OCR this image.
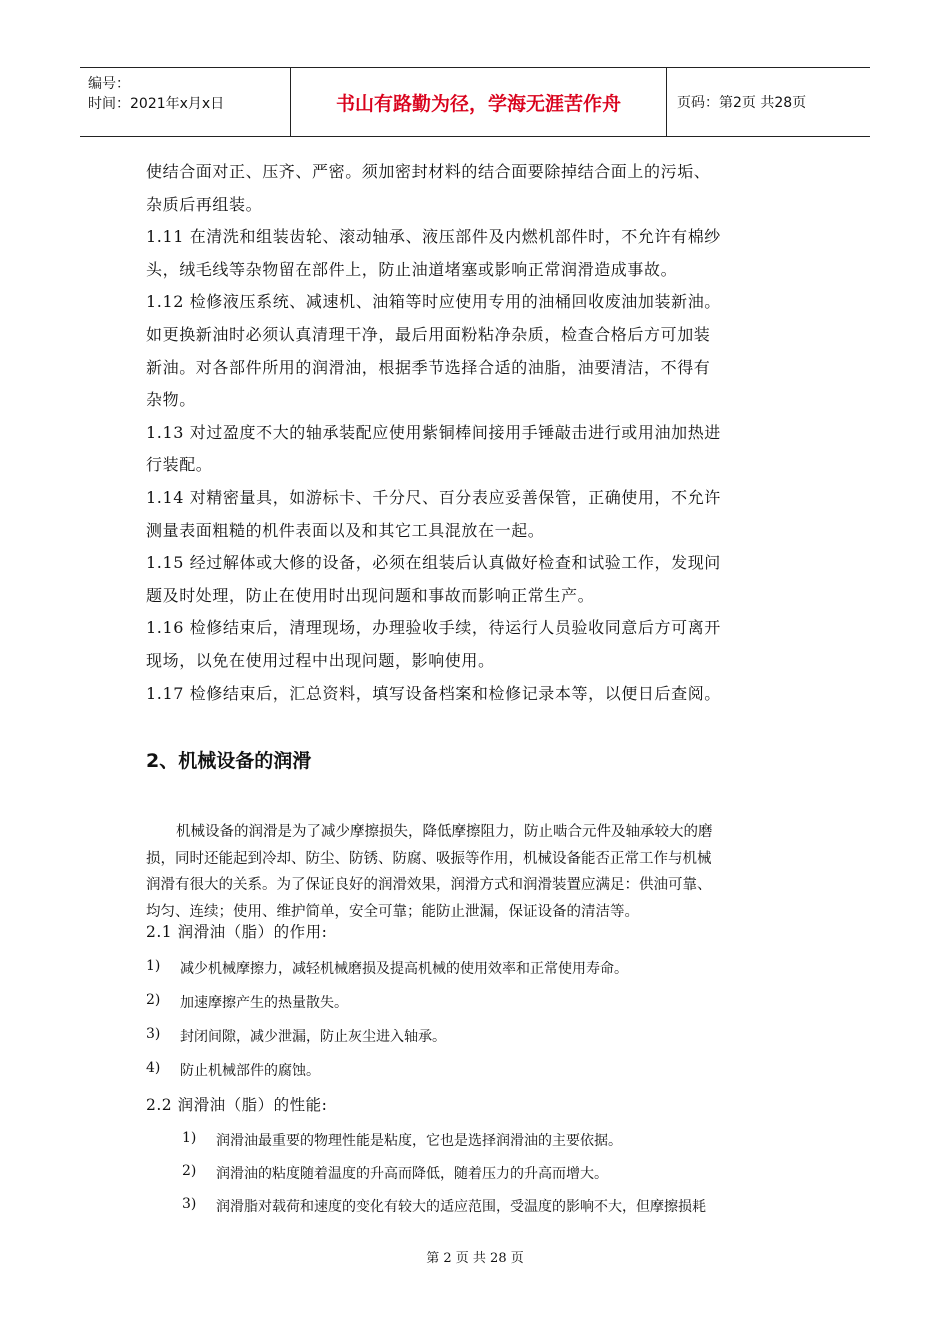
编号：
时间：2021年x月x日	书山有路勤为径，学海无涯苦作舟	页码：第2页 共28页

使结合面对正、压齐、严密。须加密封材料的结合面要除掉结合面上的污垢、

杂质后再组装。

1.11 在清洗和组装齿轮、滚动轴承、液压部件及内燃机部件时，不允许有棉纱

头，绒毛线等杂物留在部件上，防止油道堵塞或影响正常润滑造成事故。

1.12 检修液压系统、减速机、油箱等时应使用专用的油桶回收废油加装新油。

如更换新油时必须认真清理干净，最后用面粉粘净杂质，检查合格后方可加装

新油。对各部件所用的润滑油，根据季节选择合适的油脂，油要清洁，不得有

杂物。

1.13 对过盈度不大的轴承装配应使用紫铜棒间接用手锤敲击进行或用油加热进

行装配。

1.14 对精密量具，如游标卡、千分尺、百分表应妥善保管，正确使用，不允许

测量表面粗糙的机件表面以及和其它工具混放在一起。

1.15 经过解体或大修的设备，必须在组装后认真做好检查和试验工作，发现问

题及时处理，防止在使用时出现问题和事故而影响正常生产。

1.16 检修结束后，清理现场，办理验收手续，待运行人员验收同意后方可离开

现场，以免在使用过程中出现问题，影响使用。

1.17 检修结束后，汇总资料，填写设备档案和检修记录本等，以便日后查阅。

2、机械设备的润滑
机械设备的润滑是为了减少摩擦损失，降低摩擦阻力，防止啮合元件及轴承较大的磨
损，同时还能起到冷却、防尘、防锈、防腐、吸振等作用，机械设备能否正常工作与机械
润滑有很大的关系。为了保证良好的润滑效果，润滑方式和润滑装置应满足：供油可靠、
均匀、连续；使用、维护简单，安全可靠；能防止泄漏，保证设备的清洁等。

2.1 润滑油（脂）的作用:

1)	减少机械摩擦力，减轻机械磨损及提高机械的使用效率和正常使用寿命。
2)	加速摩擦产生的热量散失。
3)	封闭间隙，减少泄漏，防止灰尘进入轴承。
4)	防止机械部件的腐蚀。

2.2 润滑油（脂）的性能:

1)	润滑油最重要的物理性能是粘度，它也是选择润滑油的主要依据。
2)	润滑油的粘度随着温度的升高而降低，随着压力的升高而增大。
3)	润滑脂对载荷和速度的变化有较大的适应范围，受温度的影响不大，但摩擦损耗
第 2 页 共 28 页
